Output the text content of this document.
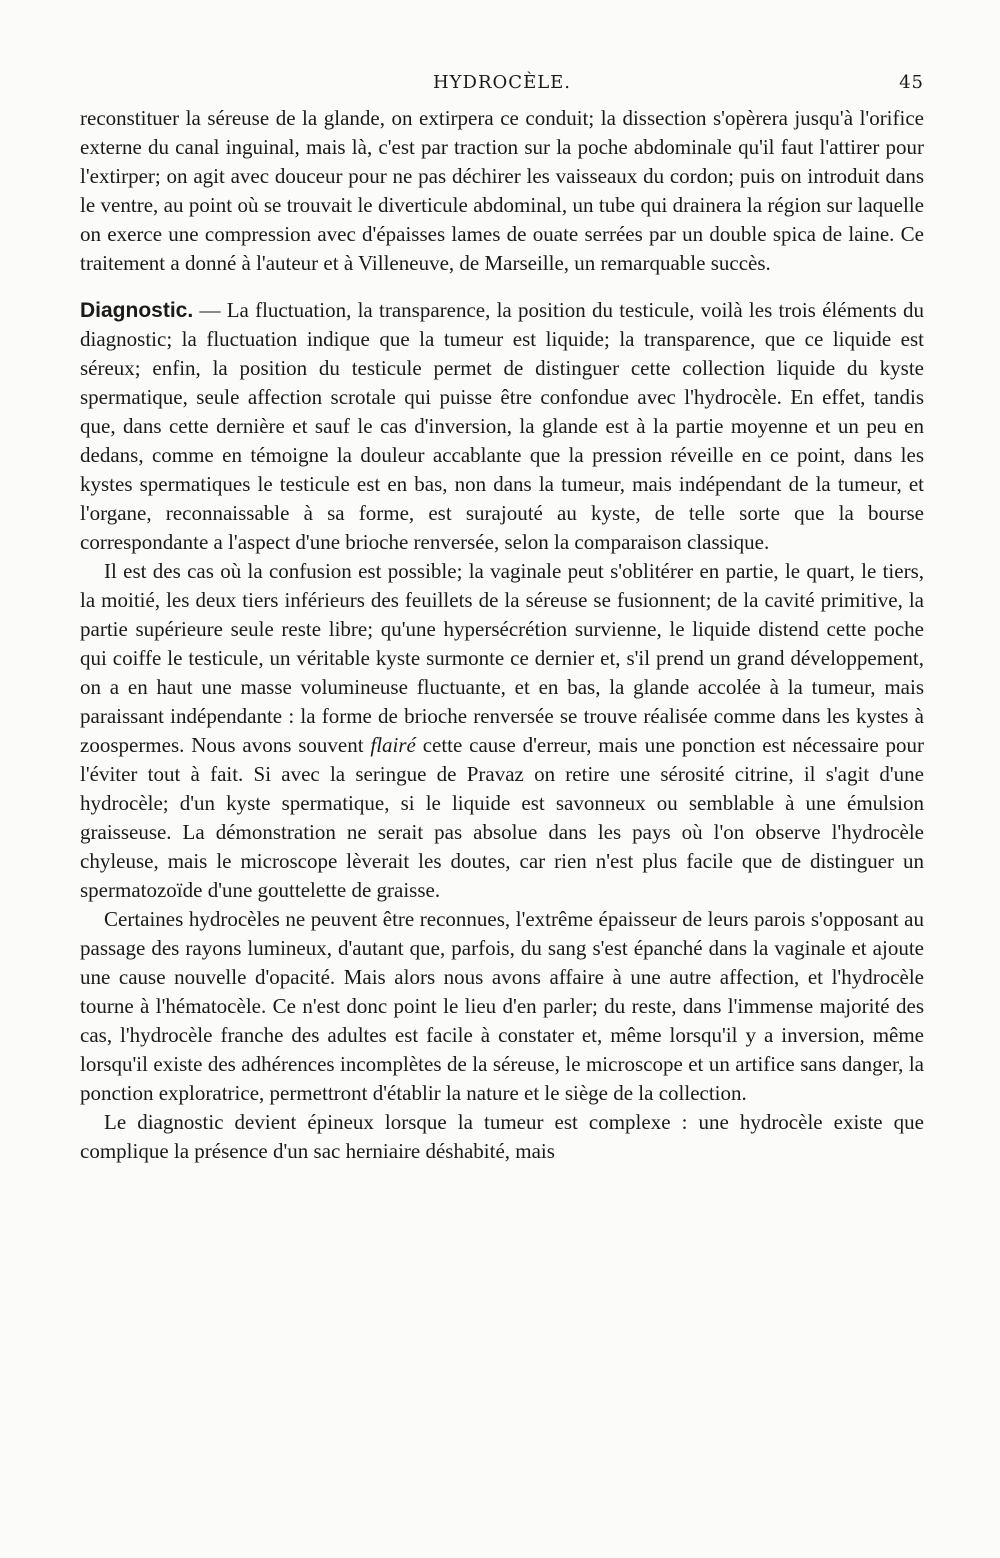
HYDROCÈLE.	45

reconstituer la séreuse de la glande, on extirpera ce conduit; la dissection s'opèrera jusqu'à l'orifice externe du canal inguinal, mais là, c'est par traction sur la poche abdominale qu'il faut l'attirer pour l'extirper; on agit avec douceur pour ne pas déchirer les vaisseaux du cordon; puis on introduit dans le ventre, au point où se trouvait le diverticule abdominal, un tube qui drainera la région sur laquelle on exerce une compression avec d'épaisses lames de ouate serrées par un double spica de laine. Ce traitement a donné à l'auteur et à Villeneuve, de Marseille, un remarquable succès.

Diagnostic. — La fluctuation, la transparence, la position du testicule, voilà les trois éléments du diagnostic; la fluctuation indique que la tumeur est liquide; la transparence, que ce liquide est séreux; enfin, la position du testicule permet de distinguer cette collection liquide du kyste spermatique, seule affection scrotale qui puisse être confondue avec l'hydrocèle. En effet, tandis que, dans cette dernière et sauf le cas d'inversion, la glande est à la partie moyenne et un peu en dedans, comme en témoigne la douleur accablante que la pression réveille en ce point, dans les kystes spermatiques le testicule est en bas, non dans la tumeur, mais indépendant de la tumeur, et l'organe, reconnaissable à sa forme, est surajouté au kyste, de telle sorte que la bourse correspondante a l'aspect d'une brioche renversée, selon la comparaison classique.

Il est des cas où la confusion est possible; la vaginale peut s'oblitérer en partie, le quart, le tiers, la moitié, les deux tiers inférieurs des feuillets de la séreuse se fusionnent; de la cavité primitive, la partie supérieure seule reste libre; qu'une hypersécrétion survienne, le liquide distend cette poche qui coiffe le testicule, un véritable kyste surmonte ce dernier et, s'il prend un grand développement, on a en haut une masse volumineuse fluctuante, et en bas, la glande accolée à la tumeur, mais paraissant indépendante : la forme de brioche renversée se trouve réalisée comme dans les kystes à zoospermes. Nous avons souvent flairé cette cause d'erreur, mais une ponction est nécessaire pour l'éviter tout à fait. Si avec la seringue de Pravaz on retire une sérosité citrine, il s'agit d'une hydrocèle; d'un kyste spermatique, si le liquide est savonneux ou semblable à une émulsion graisseuse. La démonstration ne serait pas absolue dans les pays où l'on observe l'hydrocèle chyleuse, mais le microscope lèverait les doutes, car rien n'est plus facile que de distinguer un spermatozoïde d'une gouttelette de graisse.

Certaines hydrocèles ne peuvent être reconnues, l'extrême épaisseur de leurs parois s'opposant au passage des rayons lumineux, d'autant que, parfois, du sang s'est épanché dans la vaginale et ajoute une cause nouvelle d'opacité. Mais alors nous avons affaire à une autre affection, et l'hydrocèle tourne à l'hématocèle. Ce n'est donc point le lieu d'en parler; du reste, dans l'immense majorité des cas, l'hydrocèle franche des adultes est facile à constater et, même lorsqu'il y a inversion, même lorsqu'il existe des adhérences incomplètes de la séreuse, le microscope et un artifice sans danger, la ponction exploratrice, permettront d'établir la nature et le siège de la collection.

Le diagnostic devient épineux lorsque la tumeur est complexe : une hydrocèle existe que complique la présence d'un sac herniaire déshabité, mais
